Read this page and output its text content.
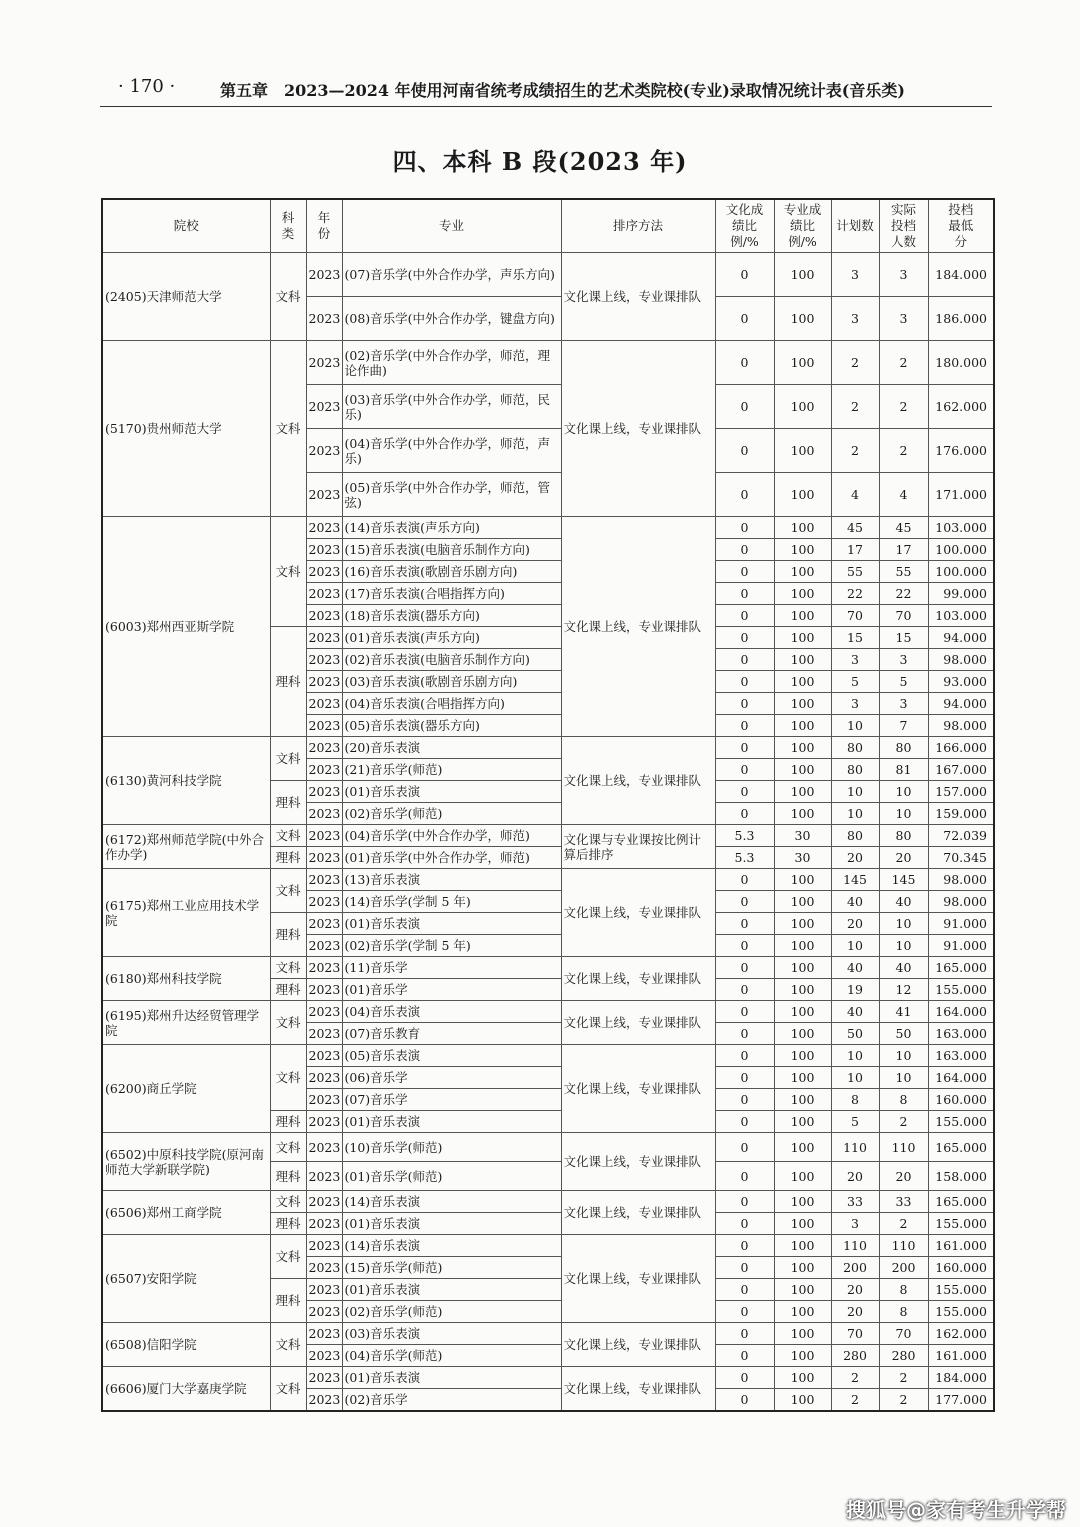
· 170 ·	第五章　2023—2024 年使用河南省统考成绩招生的艺术类院校(专业)录取情况统计表(音乐类)
四、本科 B 段(2023 年)
院校	科类	年份	专业	排序方法	文化成绩比例/%	专业成绩比例/%	计划数	实际投档人数	投档最低分

(2405)天津师范大学	文科	2023	(07)音乐学(中外合作办学，声乐方向)	文化课上线，专业课排队	0	100	3	3	184.000
		2023	(08)音乐学(中外合作办学，键盘方向)		0	100	3	3	186.000
(5170)贵州师范大学	文科	2023	(02)音乐学(中外合作办学，师范，理论作曲)	文化课上线，专业课排队	0	100	2	2	180.000
		2023	(03)音乐学(中外合作办学，师范，民乐)		0	100	2	2	162.000
		2023	(04)音乐学(中外合作办学，师范，声乐)		0	100	2	2	176.000
		2023	(05)音乐学(中外合作办学，师范，管弦)		0	100	4	4	171.000
(6003)郑州西亚斯学院	文科	2023	(14)音乐表演(声乐方向)	文化课上线，专业课排队	0	100	45	45	103.000
		2023	(15)音乐表演(电脑音乐制作方向)		0	100	17	17	100.000
		2023	(16)音乐表演(歌剧音乐剧方向)		0	100	55	55	100.000
		2023	(17)音乐表演(合唱指挥方向)		0	100	22	22	99.000
		2023	(18)音乐表演(器乐方向)		0	100	70	70	103.000
	理科	2023	(01)音乐表演(声乐方向)		0	100	15	15	94.000
		2023	(02)音乐表演(电脑音乐制作方向)		0	100	3	3	98.000
		2023	(03)音乐表演(歌剧音乐剧方向)		0	100	5	5	93.000
		2023	(04)音乐表演(合唱指挥方向)		0	100	3	3	94.000
		2023	(05)音乐表演(器乐方向)		0	100	10	7	98.000
(6130)黄河科技学院	文科	2023	(20)音乐表演	文化课上线，专业课排队	0	100	80	80	166.000
		2023	(21)音乐学(师范)		0	100	80	81	167.000
	理科	2023	(01)音乐表演		0	100	10	10	157.000
		2023	(02)音乐学(师范)		0	100	10	10	159.000
(6172)郑州师范学院(中外合作办学)	文科	2023	(04)音乐学(中外合作办学，师范)	文化课与专业课按比例计算后排序	5.3	30	80	80	72.039
	理科	2023	(01)音乐学(中外合作办学，师范)		5.3	30	20	20	70.345
(6175)郑州工业应用技术学院	文科	2023	(13)音乐表演	文化课上线，专业课排队	0	100	145	145	98.000
		2023	(14)音乐学(学制 5 年)		0	100	40	40	98.000
	理科	2023	(01)音乐表演		0	100	20	10	91.000
		2023	(02)音乐学(学制 5 年)		0	100	10	10	91.000
(6180)郑州科技学院	文科	2023	(11)音乐学	文化课上线，专业课排队	0	100	40	40	165.000
	理科	2023	(01)音乐学		0	100	19	12	155.000
(6195)郑州升达经贸管理学院	文科	2023	(04)音乐表演	文化课上线，专业课排队	0	100	40	41	164.000
		2023	(07)音乐教育		0	100	50	50	163.000
(6200)商丘学院	文科	2023	(05)音乐表演	文化课上线，专业课排队	0	100	10	10	163.000
		2023	(06)音乐学		0	100	10	10	164.000
		2023	(07)音乐学		0	100	8	8	160.000
	理科	2023	(01)音乐表演		0	100	5	2	155.000
(6502)中原科技学院(原河南师范大学新联学院)	文科	2023	(10)音乐学(师范)	文化课上线，专业课排队	0	100	110	110	165.000
	理科	2023	(01)音乐学(师范)		0	100	20	20	158.000
(6506)郑州工商学院	文科	2023	(14)音乐表演	文化课上线，专业课排队	0	100	33	33	165.000
	理科	2023	(01)音乐表演		0	100	3	2	155.000
(6507)安阳学院	文科	2023	(14)音乐表演	文化课上线，专业课排队	0	100	110	110	161.000
		2023	(15)音乐学(师范)		0	100	200	200	160.000
	理科	2023	(01)音乐表演		0	100	20	8	155.000
		2023	(02)音乐学(师范)		0	100	20	8	155.000
(6508)信阳学院	文科	2023	(03)音乐表演	文化课上线，专业课排队	0	100	70	70	162.000
		2023	(04)音乐学(师范)		0	100	280	280	161.000
(6606)厦门大学嘉庚学院	文科	2023	(01)音乐表演	文化课上线，专业课排队	0	100	2	2	184.000
		2023	(02)音乐学		0	100	2	2	177.000
搜狐号@家有考生升学帮
